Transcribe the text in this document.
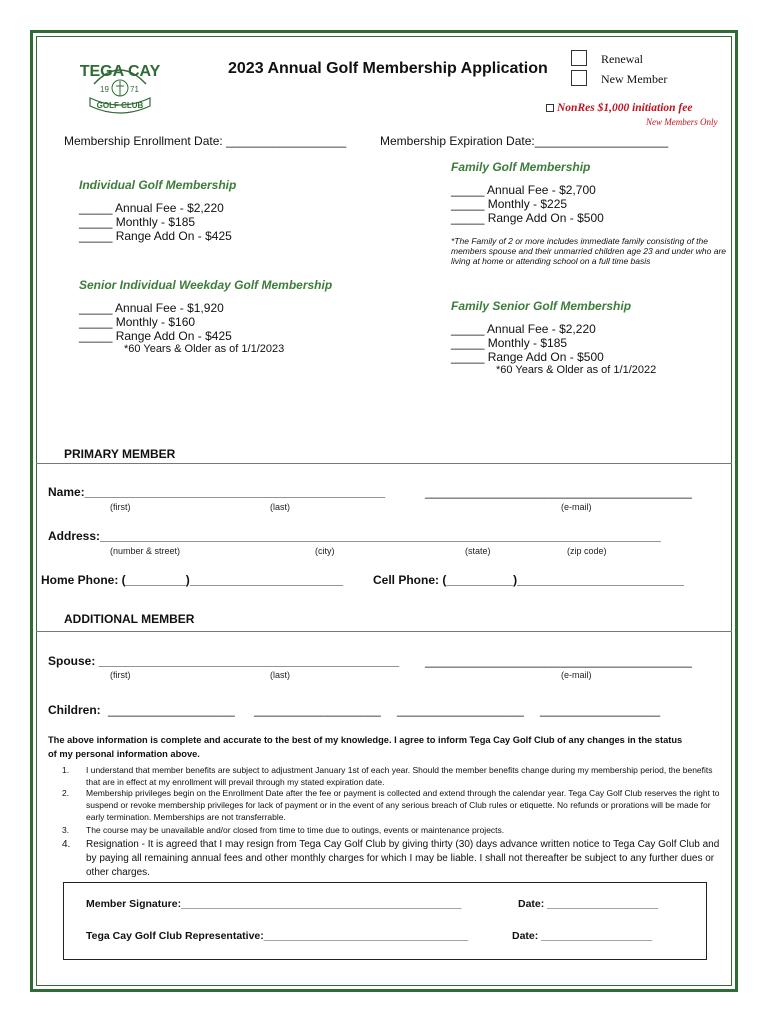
TEGA CAY
19	71
GOLF CLUB
2023 Annual Golf Membership Application
Renewal
New Member
NonRes $1,000 initiation fee
New Members Only
Membership Enrollment Date: __________________	Membership Expiration Date:____________________
Individual Golf Membership
_____ Annual Fee - $2,220
_____ Monthly - $185
_____ Range Add On - $425
Family Golf Membership
_____ Annual Fee - $2,700
_____ Monthly - $225
_____ Range Add On - $500
*The Family of 2 or more includes immediate family consisting of the members spouse and their unmarried children age 23 and under who are living at home or attending school on a full time basis
Senior Individual Weekday Golf Membership
_____ Annual Fee - $1,920
_____ Monthly - $160
_____ Range Add On - $425
*60 Years & Older as of 1/1/2023
Family Senior Golf Membership
_____ Annual Fee - $2,220
_____ Monthly - $185
_____ Range Add On - $500
*60 Years & Older as of 1/1/2022
PRIMARY MEMBER
Name:_____________________________________________	________________________________________
(first)	(last)	(e-mail)
Address:____________________________________________________________________________________
(number & street)	(city)	(state)	(zip code)
Home Phone: (_________)_______________________ Cell Phone: (__________)_________________________
ADDITIONAL MEMBER
Spouse: _____________________________________________ ________________________________________
(first)	(last)	(e-mail)
Children: ___________________ ___________________ ___________________ __________________
The above information is complete and accurate to the best of my knowledge. I agree to inform Tega Cay Golf Club of any changes in the status
of my personal information above.
1. I understand that member benefits are subject to adjustment January 1st of each year. Should the member benefits change during my membership period, the benefits that are in effect at my enrollment will prevail through my stated expiration date.
2. Membership privileges begin on the Enrollment Date after the fee or payment is collected and extend through the calendar year. Tega Cay Golf Club reserves the right to suspend or revoke membership privileges for lack of payment or in the event of any serious breach of Club rules or etiquette. No refunds or prorations will be made for early termination. Memberships are not transferrable.
3. The course may be unavailable and/or closed from time to time due to outings, events or maintenance projects.
4. Resignation - It is agreed that I may resign from Tega Cay Golf Club by giving thirty (30) days advance written notice to Tega Cay Golf Club and by paying all remaining annual fees and other monthly charges for which I may be liable. I shall not thereafter be subject to any further dues or other charges.
Member Signature:________________________________________________	Date: ___________________
Tega Cay Golf Club Representative:___________________________________	Date: ___________________
